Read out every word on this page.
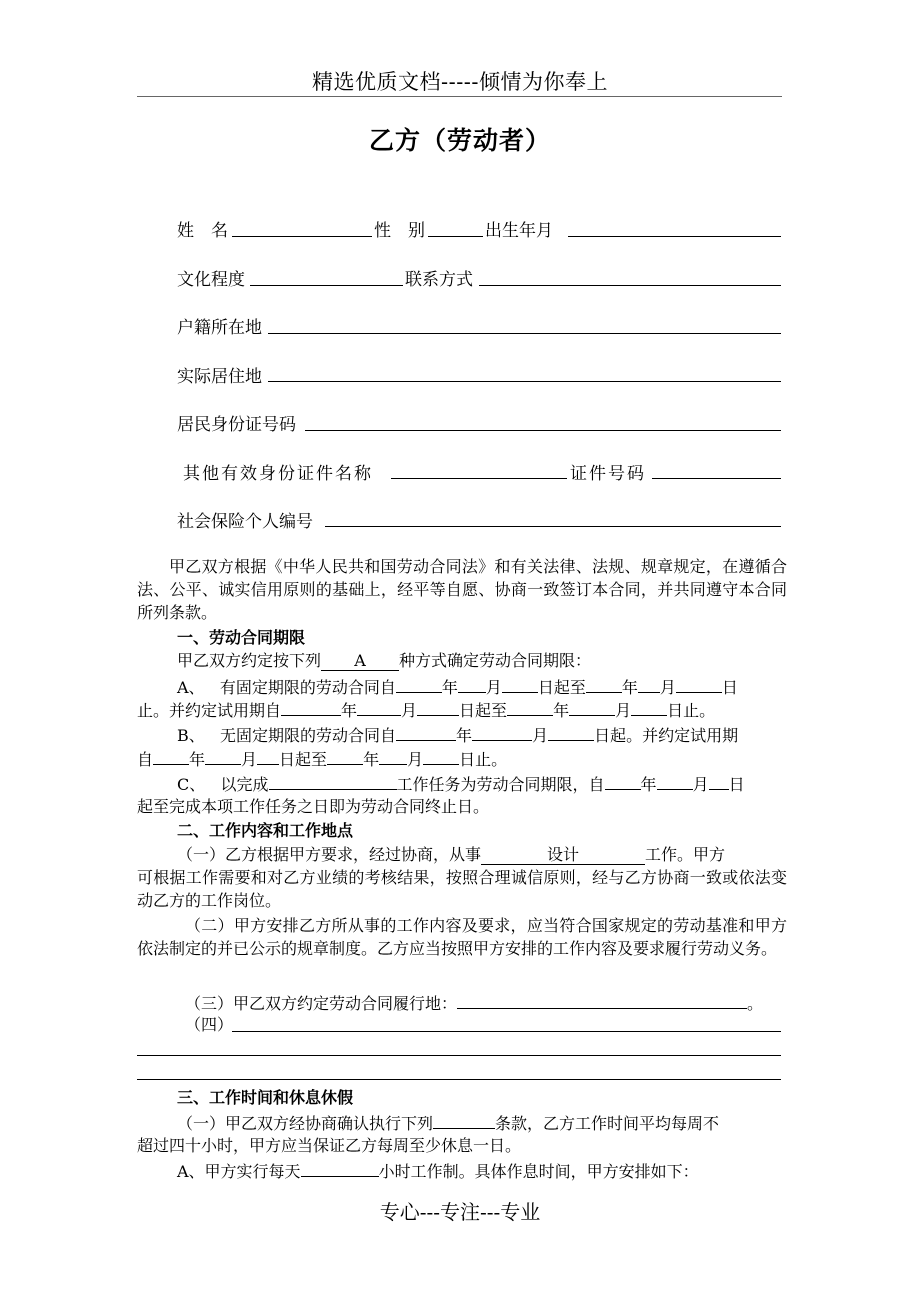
精选优质文档-----倾情为你奉上
乙方（劳动者）
姓　名	性　别	出生年月
文化程度	联系方式
户籍所在地
实际居住地
居民身份证号码
其他有效身份证件名称	证件号码
社会保险个人编号
甲乙双方根据《中华人民共和国劳动合同法》和有关法律、法规、规章规定，在遵循合法、公平、诚实信用原则的基础上，经平等自愿、协商一致签订本合同，并共同遵守本合同所列条款。
一、劳动合同期限
甲乙双方约定按下列 A 种方式确定劳动合同期限：
A、 有固定期限的劳动合同自	年 月 日起至 年 月	日
止。并约定试用期自	年	月	日起至	年	月 日止。
B、 无固定期限的劳动合同自	年	月	日起。并约定试用期
自 年 月 日起至 年 月 日止。
C、 以完成	工作任务为劳动合同期限，自 年 月 日
起至完成本项工作任务之日即为劳动合同终止日。
二、工作内容和工作地点
（一）乙方根据甲方要求，经过协商，从事	设计	工作。甲方
可根据工作需要和对乙方业绩的考核结果，按照合理诚信原则，经与乙方协商一致或依法变动乙方的工作岗位。
（二）甲方安排乙方所从事的工作内容及要求，应当符合国家规定的劳动基准和甲方依法制定的并已公示的规章制度。乙方应当按照甲方安排的工作内容及要求履行劳动义务。
（三）甲乙双方约定劳动合同履行地：	。
（四）
三、工作时间和休息休假
（一）甲乙双方经协商确认执行下列	条款，乙方工作时间平均每周不
超过四十小时，甲方应当保证乙方每周至少休息一日。
A、甲方实行每天	小时工作制。具体作息时间，甲方安排如下：
专心---专注---专业
